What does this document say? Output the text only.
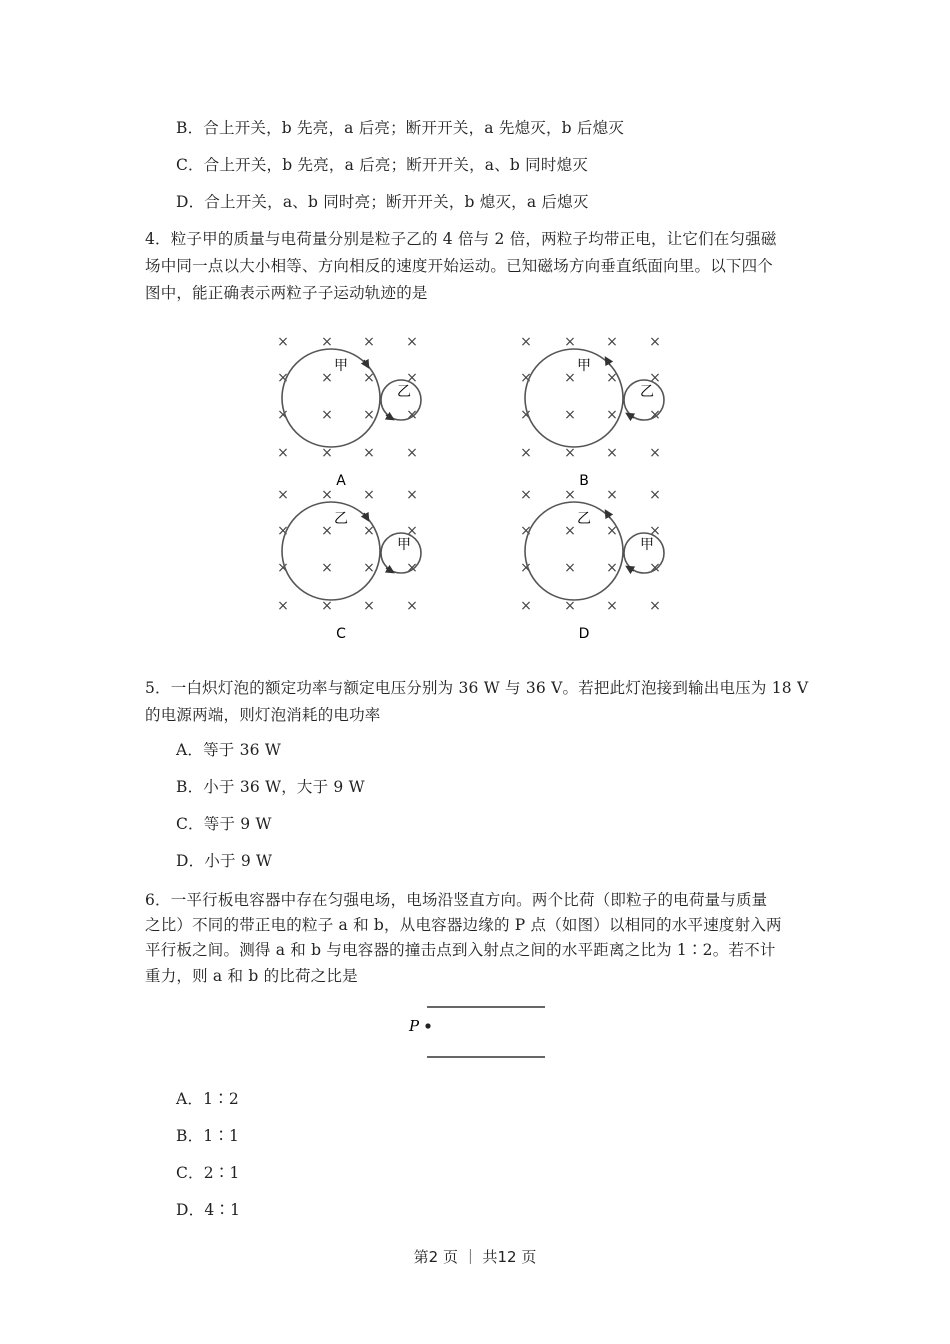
B．合上开关，b 先亮，a 后亮；断开开关，a 先熄灭，b 后熄灭
C．合上开关，b 先亮，a 后亮；断开开关，a、b 同时熄灭
D．合上开关，a、b 同时亮；断开开关，b 熄灭，a 后熄灭
4．粒子甲的质量与电荷量分别是粒子乙的 4 倍与 2 倍，两粒子均带正电，让它们在匀强磁
场中同一点以大小相等、方向相反的速度开始运动。已知磁场方向垂直纸面向里。以下四个
图中，能正确表示两粒子子运动轨迹的是
× × × ×
× × × ×
× × × ×
× × × ×
甲
乙
A
× × × ×
× × × ×
× × × ×
× × × ×
甲
乙
B
× × × ×
× × × ×
× × × ×
× × × ×
乙
甲
C
× × × ×
× × × ×
× × × ×
× × × ×
乙
甲
D
5．一白炽灯泡的额定功率与额定电压分别为 36 W 与 36 V。若把此灯泡接到输出电压为 18 V
的电源两端，则灯泡消耗的电功率
A．等于 36 W
B．小于 36 W，大于 9 W
C．等于 9 W
D．小于 9 W
6．一平行板电容器中存在匀强电场，电场沿竖直方向。两个比荷（即粒子的电荷量与质量
之比）不同的带正电的粒子 a 和 b，从电容器边缘的 P 点（如图）以相同的水平速度射入两
平行板之间。测得 a 和 b 与电容器的撞击点到入射点之间的水平距离之比为 1∶2。若不计
重力，则 a 和 b 的比荷之比是
P
A．1∶2
B．1∶1
C．2∶1
D．4∶1
第2 页 ｜ 共12 页
